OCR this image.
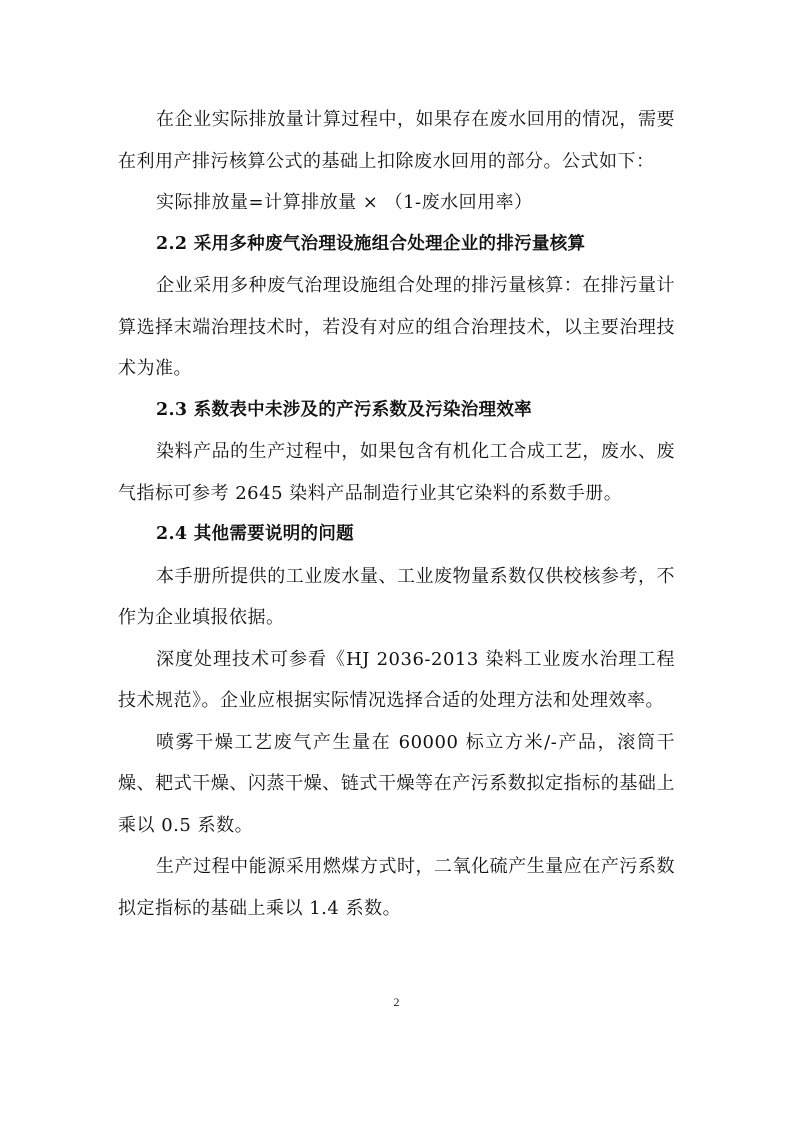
在企业实际排放量计算过程中，如果存在废水回用的情况，需要在利用产排污核算公式的基础上扣除废水回用的部分。公式如下：

实际排放量=计算排放量 × （1-废水回用率）

2.2 采用多种废气治理设施组合处理企业的排污量核算

企业采用多种废气治理设施组合处理的排污量核算：在排污量计算选择末端治理技术时，若没有对应的组合治理技术，以主要治理技术为准。

2.3 系数表中未涉及的产污系数及污染治理效率

染料产品的生产过程中，如果包含有机化工合成工艺，废水、废气指标可参考 2645 染料产品制造行业其它染料的系数手册。

2.4 其他需要说明的问题

本手册所提供的工业废水量、工业废物量系数仅供校核参考，不作为企业填报依据。

深度处理技术可参看《HJ 2036-2013 染料工业废水治理工程技术规范》。企业应根据实际情况选择合适的处理方法和处理效率。

喷雾干燥工艺废气产生量在 60000 标立方米/-产品，滚筒干燥、耙式干燥、闪蒸干燥、链式干燥等在产污系数拟定指标的基础上乘以 0.5 系数。

生产过程中能源采用燃煤方式时，二氧化硫产生量应在产污系数拟定指标的基础上乘以 1.4 系数。

2
